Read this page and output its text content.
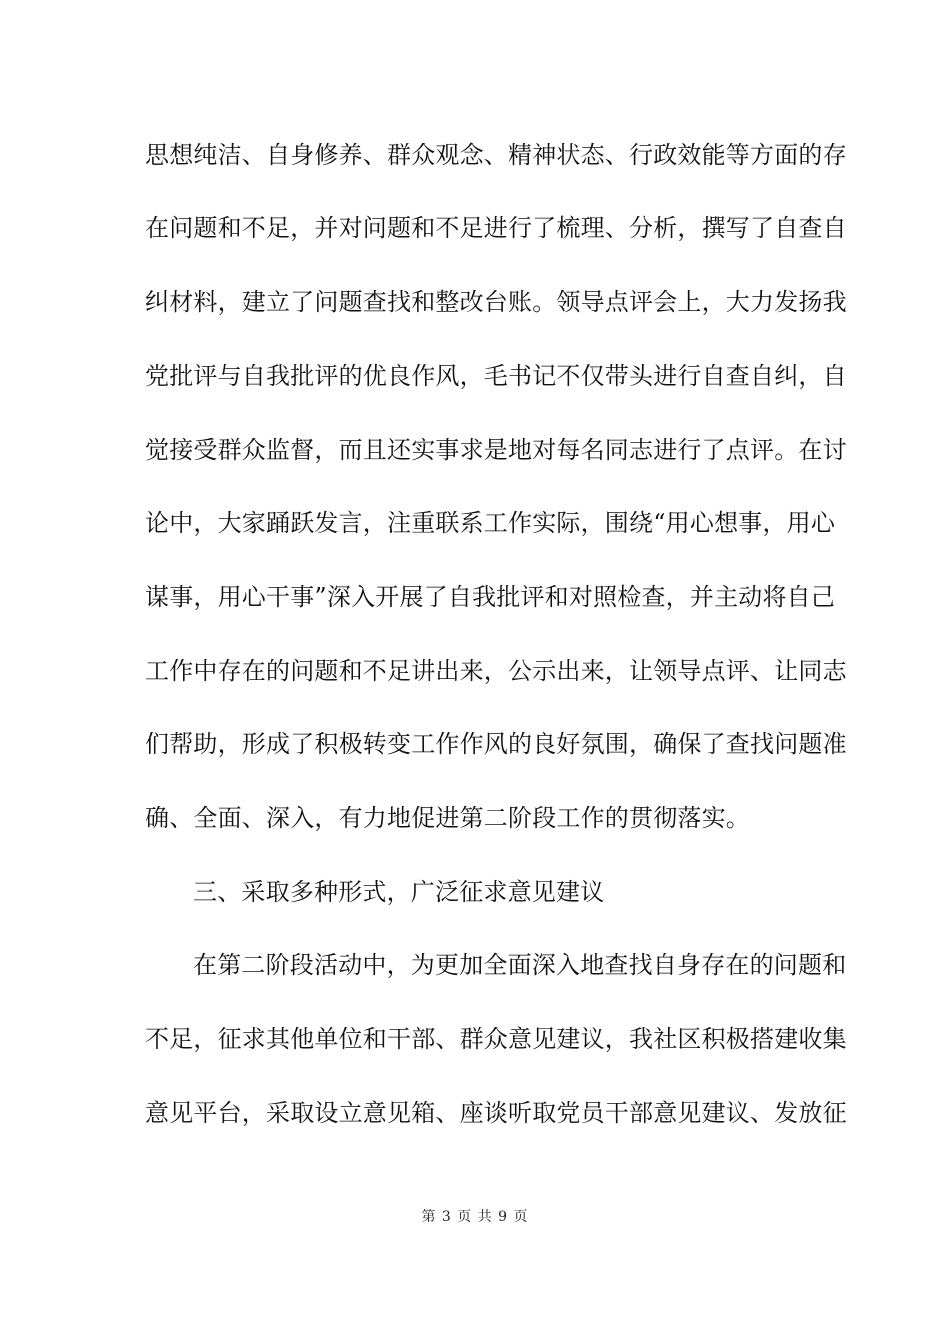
思想纯洁、自身修养、群众观念、精神状态、行政效能等方面的存
在问题和不足，并对问题和不足进行了梳理、分析，撰写了自查自
纠材料，建立了问题查找和整改台账。领导点评会上，大力发扬我
党批评与自我批评的优良作风，毛书记不仅带头进行自查自纠，自
觉接受群众监督，而且还实事求是地对每名同志进行了点评。在讨
论中，大家踊跃发言，注重联系工作实际，围绕“用心想事，用心
谋事，用心干事”深入开展了自我批评和对照检查，并主动将自己
工作中存在的问题和不足讲出来，公示出来，让领导点评、让同志
们帮助，形成了积极转变工作作风的良好氛围，确保了查找问题准
确、全面、深入，有力地促进第二阶段工作的贯彻落实。
三、采取多种形式，广泛征求意见建议
在第二阶段活动中，为更加全面深入地查找自身存在的问题和
不足，征求其他单位和干部、群众意见建议，我社区积极搭建收集
意见平台，采取设立意见箱、座谈听取党员干部意见建议、发放征
第 3 页 共 9 页
